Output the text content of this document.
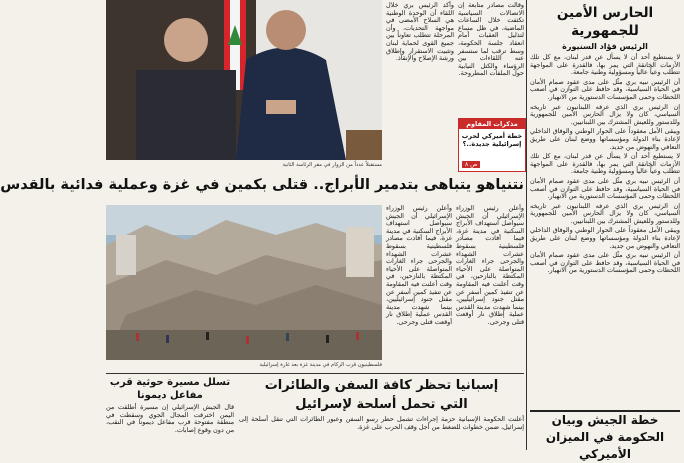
الحارس الأمين للجمهورية
الرئيس فؤاد السنيورة

لا يستطيع أحد أن لا يسأل عن قدر لبنان، مع كل تلك الأزمات الخانقة التي يمر بها، فالقدرة على المواجهة تتطلب وعياً عالياً ومسؤولية وطنية جامعة.

أن الرئيس نبيه بري مثّل على مدى عقود صمام الأمان في الحياة السياسية، وقد حافظ على التوازن في أصعب اللحظات وحمى المؤسسات الدستورية من الانهيار.

إن الرئيس بري الذي عرفه اللبنانيون عبر تاريخه السياسي، كان ولا يزال الحارس الأمين للجمهورية وللدستور وللعيش المشترك بين اللبنانيين.

ويبقى الأمل معقوداً على الحوار الوطني والوفاق الداخلي لإعادة بناء الدولة ومؤسساتها ووضع لبنان على طريق التعافي والنهوض من جديد.

لا يستطيع أحد أن لا يسأل عن قدر لبنان، مع كل تلك الأزمات الخانقة التي يمر بها، فالقدرة على المواجهة تتطلب وعياً عالياً ومسؤولية وطنية جامعة.

أن الرئيس نبيه بري مثّل على مدى عقود صمام الأمان في الحياة السياسية، وقد حافظ على التوازن في أصعب اللحظات وحمى المؤسسات الدستورية من الانهيار.

إن الرئيس بري الذي عرفه اللبنانيون عبر تاريخه السياسي، كان ولا يزال الحارس الأمين للجمهورية وللدستور وللعيش المشترك بين اللبنانيين.

ويبقى الأمل معقوداً على الحوار الوطني والوفاق الداخلي لإعادة بناء الدولة ومؤسساتها ووضع لبنان على طريق التعافي والنهوض من جديد.

أن الرئيس نبيه بري مثّل على مدى عقود صمام الأمان في الحياة السياسية، وقد حافظ على التوازن في أصعب اللحظات وحمى المؤسسات الدستورية من الانهيار.

خطة الجيش وبيان الحكومة في الميزان الأميركي
مستقبلاً عدداً من الزوار في مقر الرئاسة الثانية
وأكد الرئيس بري خلال اللقاء أن الوحدة الوطنية هي السلاح الأمضى في مواجهة التحديات، وأن المرحلة تتطلب تعاوناً بين جميع القوى لحماية لبنان وتثبيت الاستقرار وإطلاق ورشة الإصلاح والإنقاذ.
وقالت مصادر متابعة إن الاتصالات السياسية تكثفت خلال الساعات الماضية، في ظل مساع لتذليل العقبات أمام انعقاد جلسة الحكومة، وسط ترقب لما ستسفر عنه اللقاءات بين الرؤساء والكتل النيابية حول الملفات المطروحة.
مذكرات المقاوم
خطة أميركي لحرب
إسرائيلية جديدة..؟
ص ٨
نتنياهو يتباهى بتدمير الأبراج.. قتلى بكمين في غزة وعملية فدائية بالقدس
فلسطينيون قرب الركام في مدينة غزة بعد غارة إسرائيلية
وأعلن رئيس الوزراء الإسرائيلي أن الجيش سيواصل استهداف الأبراج السكنية في مدينة غزة، فيما أفادت مصادر فلسطينية بسقوط عشرات الشهداء والجرحى جراء الغارات المتواصلة على الأحياء المكتظة بالنازحين، في وقت أعلنت فيه المقاومة عن تنفيذ كمين أسفر عن مقتل جنود إسرائيليين، بينما شهدت مدينة القدس عملية إطلاق نار أوقعت قتلى وجرحى.
وأعلن رئيس الوزراء الإسرائيلي أن الجيش سيواصل استهداف الأبراج السكنية في مدينة غزة، فيما أفادت مصادر فلسطينية بسقوط عشرات الشهداء والجرحى جراء الغارات المتواصلة على الأحياء المكتظة بالنازحين، في وقت أعلنت فيه المقاومة عن تنفيذ كمين أسفر عن مقتل جنود إسرائيليين، بينما شهدت مدينة القدس عملية إطلاق نار أوقعت قتلى وجرحى.
تسلل مسيرة حوثية قرب مفاعل ديمونا
قال الجيش الإسرائيلي إن مسيرة أطلقت من اليمن اخترقت المجال الجوي وسقطت في منطقة مفتوحة قرب مفاعل ديمونا في النقب، من دون وقوع إصابات.
إسبانيا تحظر كافة السفن والطائرات
التي تحمل أسلحة لإسرائيل
أعلنت الحكومة الإسبانية حزمة إجراءات تشمل حظر رسو السفن وعبور الطائرات التي تنقل أسلحة إلى إسرائيل، ضمن خطوات للضغط من أجل وقف الحرب على غزة.
